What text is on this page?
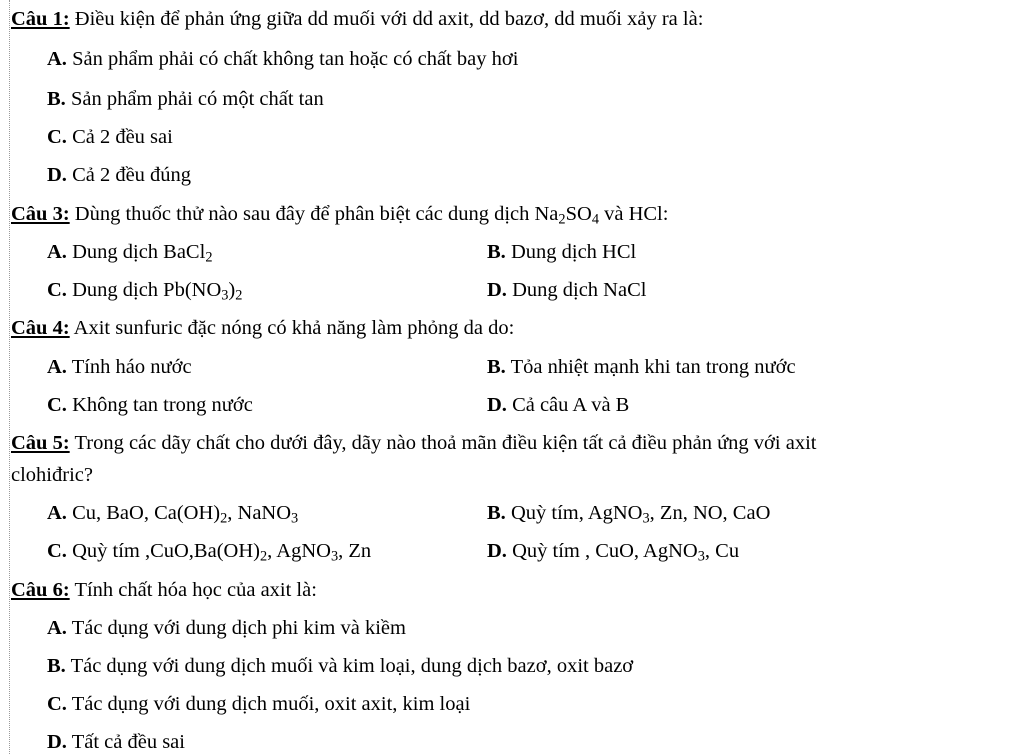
Câu 1: Điều kiện để phản ứng giữa dd muối với dd axit, dd bazơ, dd muối xảy ra là:
A. Sản phẩm phải có chất không tan hoặc có chất bay hơi
B. Sản phẩm phải có một chất tan
C. Cả 2 đều sai
D. Cả 2 đều đúng
Câu 3: Dùng thuốc thử nào sau đây để phân biệt các dung dịch $Na_2SO_4$ và HCl:
A. Dung dịch BaCl$_2$	B. Dung dịch HCl
C. Dung dịch $Pb(NO_3)_2$	D. Dung dịch NaCl
Câu 4: Axit sunfuric đặc nóng có khả năng làm phỏng da do:
A. Tính háo nước	B. Tỏa nhiệt mạnh khi tan trong nước
C. Không tan trong nước	D. Cả câu A và B
Câu 5: Trong các dãy chất cho dưới đây, dãy nào thoả mãn điều kiện tất cả điều phản ứng với axit
clohiđric?
A. Cu, BaO, $Ca(OH)_2$, NaNO$_3$	B. Quỳ tím, AgNO$_3$, Zn, NO, CaO
C. Quỳ tím $,CuO,Ba(OH)_2$, AgNO$_3$, Zn	D. Quỳ tím , CuO, AgNO$_3$, Cu
Câu 6: Tính chất hóa học của axit là:
A. Tác dụng với dung dịch phi kim và kiềm
B. Tác dụng với dung dịch muối và kim loại, dung dịch bazơ, oxit bazơ
C. Tác dụng với dung dịch muối, oxit axit, kim loại
D. Tất cả đều sai
